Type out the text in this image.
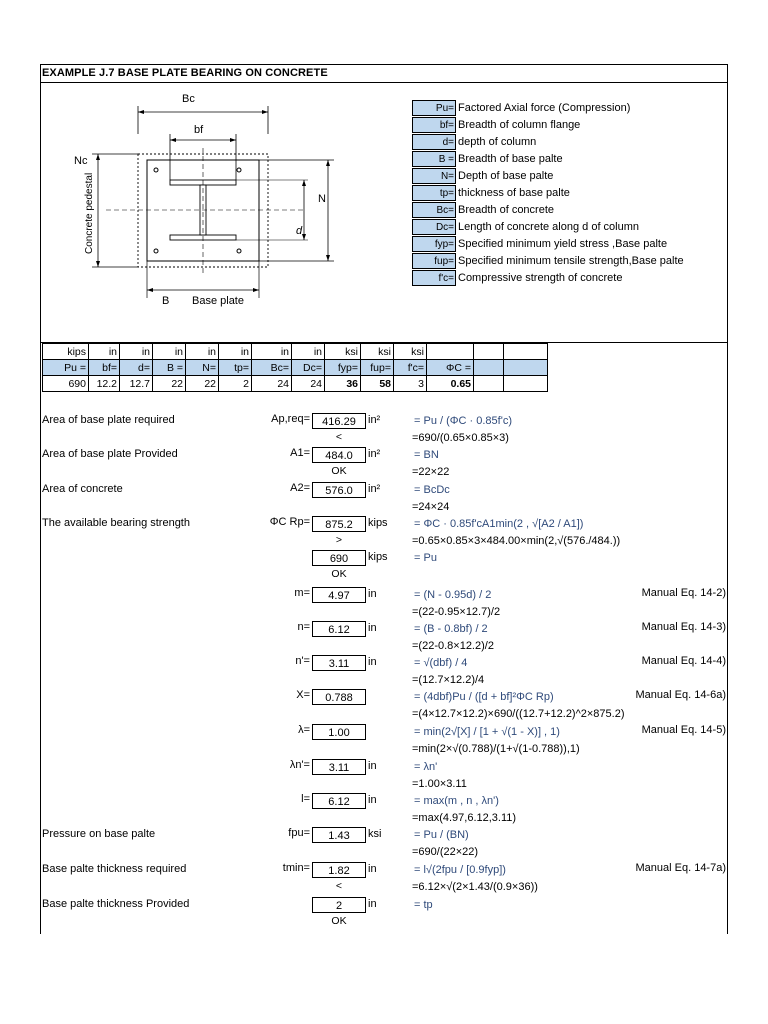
EXAMPLE J.7 BASE PLATE BEARING ON CONCRETE
Bc
bf
N
d
Nc
Concrete pedestal
B Base plate
Pu= Factored Axial force (Compression)
bf= Breadth of column flange
d= depth of column
B = Breadth of base palte
N= Depth of base palte
tp= thickness of base palte
Bc= Breadth of concrete
Dc= Length of concrete along d of column
fyp= Specified minimum yield stress ,Base palte
fup= Specified minimum tensile strength,Base palte
f'c= Compressive strength of concrete
kips	in	in	in	in	in	in	in	ksi	ksi	ksi			
Pu =	bf=	d=	B =	N=	tp=	Bc=	Dc=	fyp=	fup=	f'c=	ΦC =		
690	12.2	12.7	22	22	2	24	24	36	58	3	0.65		
Area of base plate required	Ap,req=	416.29	in²
<
= Pu / (ΦC · 0.85f'c)
=690/(0.65×0.85×3)
Area of base plate Provided	A1=	484.0	in²
OK
= BN
=22×22
Area of concrete	A2=	576.0	in²	= BcDc
=24×24
The available bearing strength	ΦC Rp=	875.2	kips
>
= ΦC · 0.85f'cA1min(2 , √[A2 / A1])
=0.65×0.85×3×484.00×min(2,√(576./484.))
690	kips
OK
= Pu
m=	4.97	in	= (N - 0.95d) / 2
=(22-0.95×12.7)/2
Manual Eq. 14-2)
n=	6.12	in	= (B - 0.8bf) / 2
=(22-0.8×12.2)/2
Manual Eq. 14-3)
n'=	3.11	in	= √(dbf) / 4
=(12.7×12.2)/4
Manual Eq. 14-4)
X=	0.788	= (4dbf)Pu / ([d + bf]²ΦC Rp)
=(4×12.7×12.2)×690/((12.7+12.2)^2×875.2)
Manual Eq. 14-6a)
λ=	1.00	= min(2√[X] / [1 + √(1 - X)] , 1)
=min(2×√(0.788)/(1+√(1-0.788)),1)
Manual Eq. 14-5)
λn'=	3.11	in	= λn'
=1.00×3.11
l=	6.12	in	= max(m , n , λn')
=max(4.97,6.12,3.11)
Pressure on base palte	fpu=	1.43	ksi	= Pu / (BN)
=690/(22×22)
Base palte thickness required	tmin=	1.82	in
<
= l√(2fpu / [0.9fyp])
=6.12×√(2×1.43/(0.9×36))
Manual Eq. 14-7a)
Base palte thickness Provided	2	in
OK
= tp
